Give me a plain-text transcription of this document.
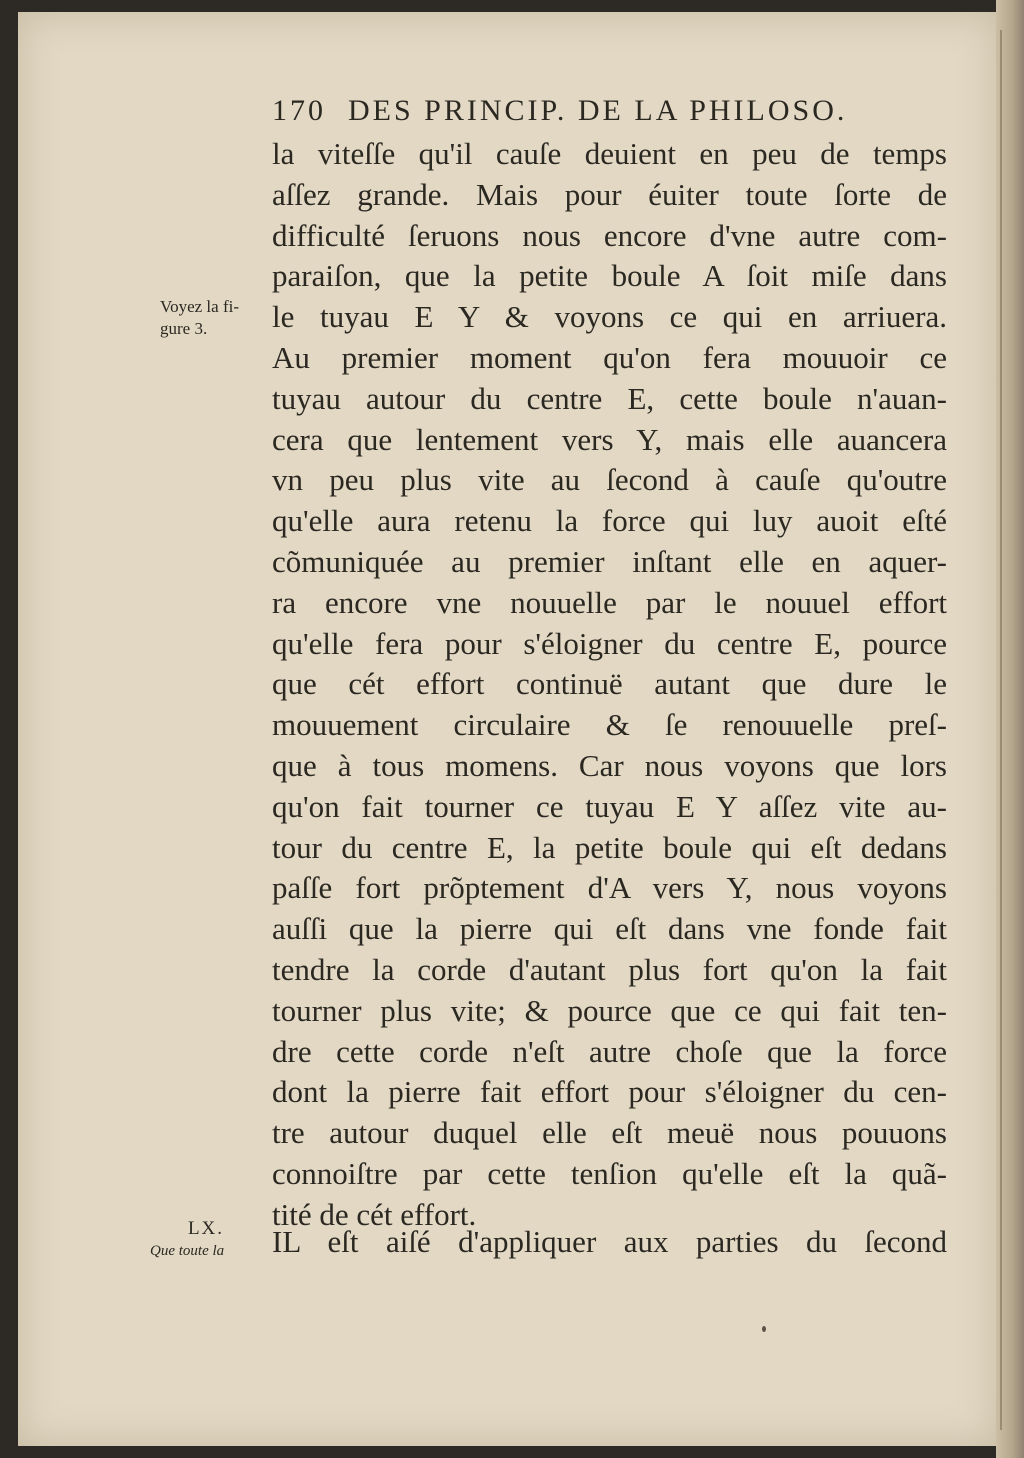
170 DES PRINCIP. DE LA PHILOSO.
Voyez la fi-
gure 3.
la viteſſe qu'il cauſe deuient en peu de temps
aſſez grande. Mais pour éuiter toute ſorte de
difficulté ſeruons nous encore d'vne autre com-
paraiſon, que la petite boule A ſoit miſe dans
le tuyau E Y & voyons ce qui en arriuera.
Au premier moment qu'on fera mouuoir ce
tuyau autour du centre E, cette boule n'auan-
cera que lentement vers Y, mais elle auancera
vn peu plus vite au ſecond à cauſe qu'outre
qu'elle aura retenu la force qui luy auoit eſté
cõmuniquée au premier inſtant elle en aquer-
ra encore vne nouuelle par le nouuel effort
qu'elle fera pour s'éloigner du centre E, pource
que cét effort continuë autant que dure le
mouuement circulaire & ſe renouuelle preſ-
que à tous momens. Car nous voyons que lors
qu'on fait tourner ce tuyau E Y aſſez vite au-
tour du centre E, la petite boule qui eſt dedans
paſſe fort prõptement d'A vers Y, nous voyons
auſſi que la pierre qui eſt dans vne fonde fait
tendre la corde d'autant plus fort qu'on la fait
tourner plus vite; & pource que ce qui fait ten-
dre cette corde n'eſt autre choſe que la force
dont la pierre fait effort pour s'éloigner du cen-
tre autour duquel elle eſt meuë nous pouuons
connoiſtre par cette tenſion qu'elle eſt la quã-
tité de cét effort.
LX.
Que toute la	IL eſt aiſé d'appliquer aux parties du ſecond
